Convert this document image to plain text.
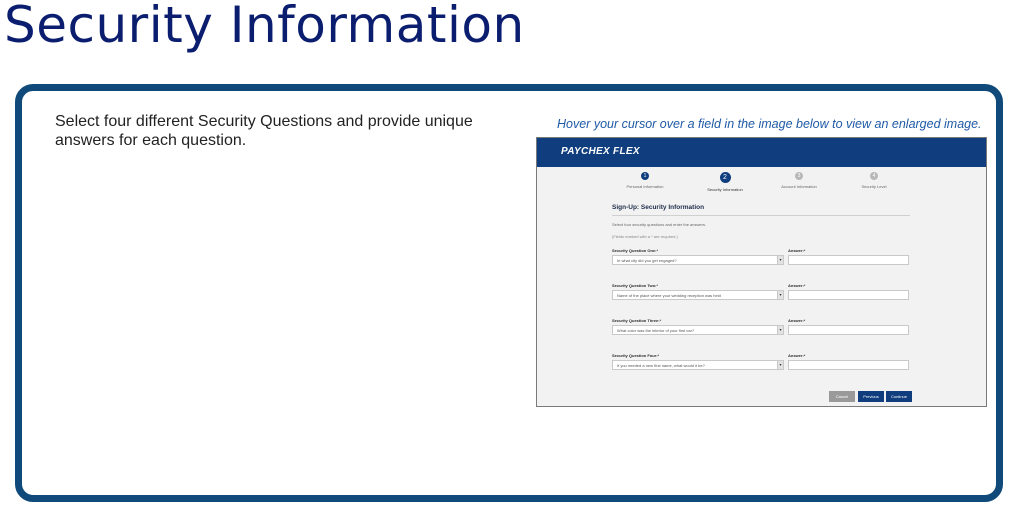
Security Information
Select four different Security Questions and provide unique answers for each question.
Hover your cursor over a field in the image below to view an enlarged image.
PAYCHEX FLEX
1
Personal Information
2
Security Information
3
Account Information
4
Security Level
Sign-Up: Security Information
Select four security questions and enter the answers.
(Fields marked with a * are required.)
Security Question One:*
In what city did you get engaged?	▾
Answer:*
Security Question Two:*
Name of the place where your wedding reception was held	▾
Answer:*
Security Question Three:*
What color was the interior of your first car?	▾
Answer:*
Security Question Four:*
If you needed a new first name, what would it be?	▾
Answer:*
Cancel	Previous	Continue
